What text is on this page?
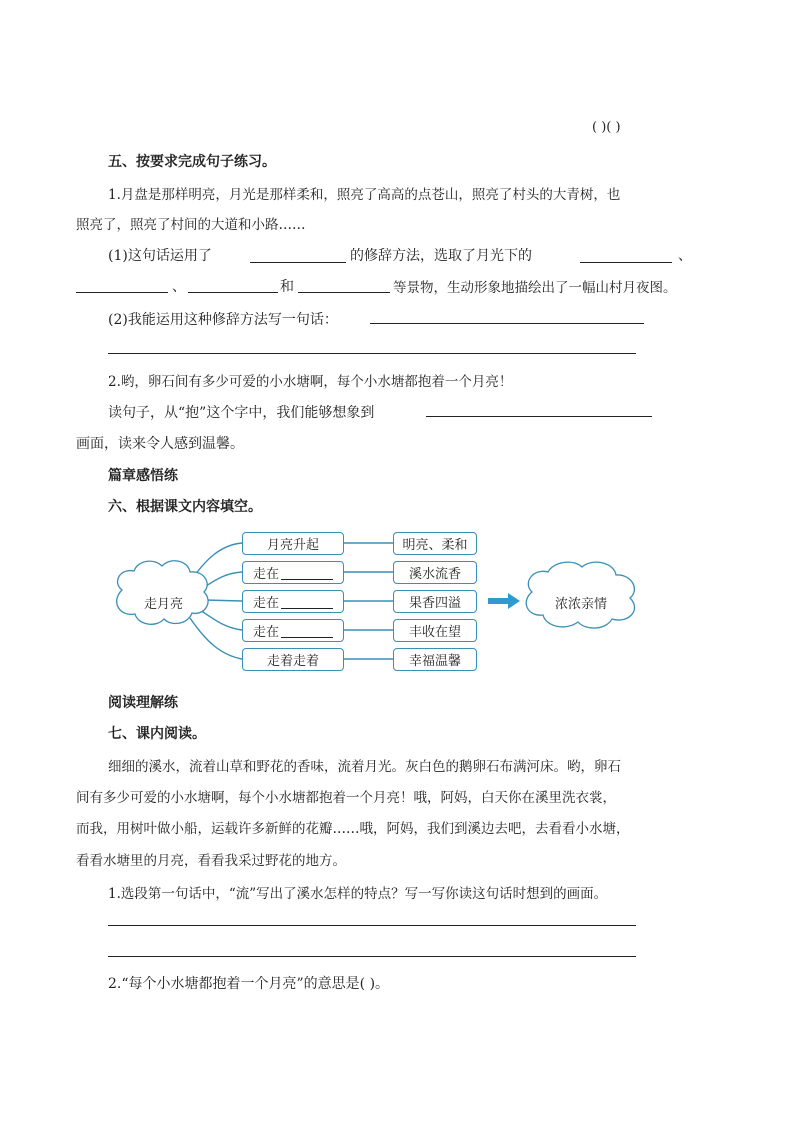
( )( )
五、按要求完成句子练习。
1.月盘是那样明亮，月光是那样柔和，照亮了高高的点苍山，照亮了村头的大青树，也
照亮了，照亮了村间的大道和小路……
(1)这句话运用了	的修辞方法，选取了月光下的	、
、	和	等景物，生动形象地描绘出了一幅山村月夜图。
(2)我能运用这种修辞方法写一句话：
2.哟，卵石间有多少可爱的小水塘啊，每个小水塘都抱着一个月亮！
读句子，从“抱”这个字中，我们能够想象到
画面，读来令人感到温馨。
篇章感悟练
六、根据课文内容填空。
走月亮	浓浓亲情
月亮升起
走在
走在
走在
走着走着
明亮、柔和
溪水流香
果香四溢
丰收在望
幸福温馨
阅读理解练
七、课内阅读。
细细的溪水，流着山草和野花的香味，流着月光。灰白色的鹅卵石布满河床。哟，卵石
间有多少可爱的小水塘啊，每个小水塘都抱着一个月亮！哦，阿妈，白天你在溪里洗衣裳，
而我，用树叶做小船，运载许多新鲜的花瓣……哦，阿妈，我们到溪边去吧，去看看小水塘，
看看水塘里的月亮，看看我采过野花的地方。
1.选段第一句话中，“流”写出了溪水怎样的特点？写一写你读这句话时想到的画面。
2.“每个小水塘都抱着一个月亮”的意思是( )。
